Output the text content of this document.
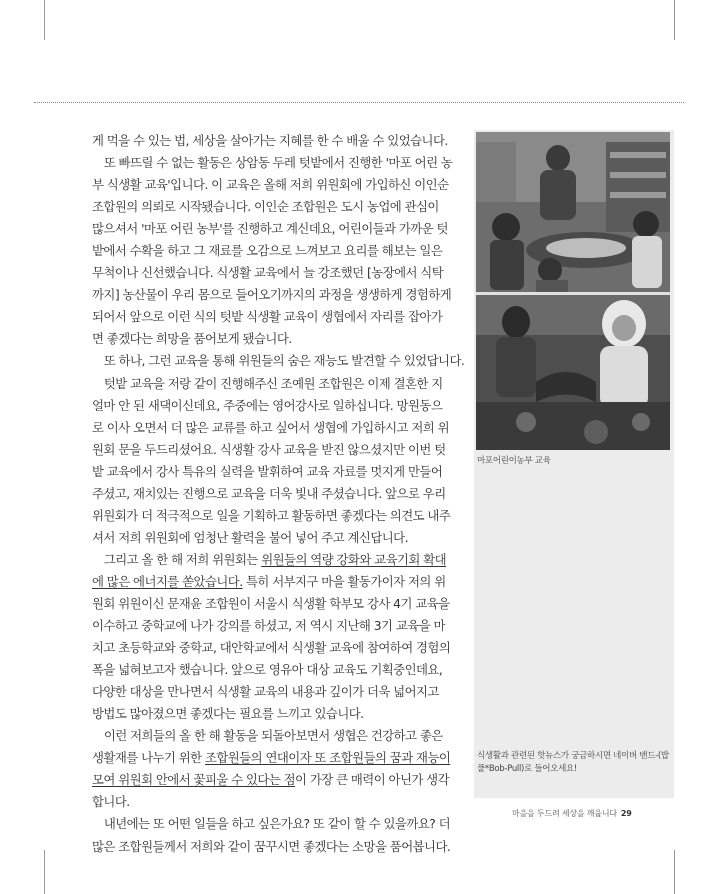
게 먹을 수 있는 법, 세상을 살아가는 지혜를 한 수 배울 수 있었습니다.
　또 빠뜨릴 수 없는 활동은 상암동 두레 텃밭에서 진행한 '마포 어린 농
부 식생활 교육'입니다. 이 교육은 올해 저희 위원회에 가입하신 이인순
조합원의 의뢰로 시작됐습니다. 이인순 조합원은 도시 농업에 관심이
많으셔서 '마포 어린 농부'를 진행하고 계신데요, 어린이들과 가까운 텃
밭에서 수확을 하고 그 재료를 오감으로 느껴보고 요리를 해보는 일은
무척이나 신선했습니다. 식생활 교육에서 늘 강조했던 [농장에서 식탁
까지] 농산물이 우리 몸으로 들어오기까지의 과정을 생생하게 경험하게
되어서 앞으로 이런 식의 텃밭 식생활 교육이 생협에서 자리를 잡아가
면 좋겠다는 희망을 품어보게 됐습니다.
　또 하나, 그런 교육을 통해 위원들의 숨은 재능도 발견할 수 있었답니다.
　텃밭 교육을 저랑 같이 진행해주신 조예원 조합원은 이제 결혼한 지
얼마 안 된 새댁이신데요, 주중에는 영어강사로 일하십니다. 망원동으
로 이사 오면서 더 많은 교류를 하고 싶어서 생협에 가입하시고 저희 위
원회 문을 두드리셨어요. 식생활 강사 교육을 받진 않으셨지만 이번 텃
밭 교육에서 강사 특유의 실력을 발휘하여 교육 자료를 멋지게 만들어
주셨고, 재치있는 진행으로 교육을 더욱 빛내 주셨습니다. 앞으로 우리
위원회가 더 적극적으로 일을 기획하고 활동하면 좋겠다는 의견도 내주
셔서 저희 위원회에 엄청난 활력을 불어 넣어 주고 계신답니다.
　그리고 올 한 해 저희 위원회는 위원들의 역량 강화와 교육기회 확대
에 많은 에너지를 쏟았습니다. 특히 서부지구 마을 활동가이자 저의 위
원회 위원이신 문재윤 조합원이 서울시 식생활 학부모 강사 4기 교육을
이수하고 중학교에 나가 강의를 하셨고, 저 역시 지난해 3기 교육을 마
치고 초등학교와 중학교, 대안학교에서 식생활 교육에 참여하여 경험의
폭을 넓혀보고자 했습니다. 앞으로 영유아 대상 교육도 기획중인데요,
다양한 대상을 만나면서 식생활 교육의 내용과 깊이가 더욱 넓어지고
방법도 많아졌으면 좋겠다는 필요를 느끼고 있습니다.
　이런 저희들의 올 한 해 활동을 되돌아보면서 생협은 건강하고 좋은
생활재를 나누기 위한 조합원들의 연대이자 또 조합원들의 꿈과 재능이
모여 위원회 안에서 꽃피울 수 있다는 점이 가장 큰 매력이 아닌가 생각
합니다.
　내년에는 또 어떤 일들을 하고 싶은가요? 또 같이 할 수 있을까요? 더
많은 조합원들께서 저희와 같이 꿈꾸시면 좋겠다는 소망을 품어봅니다.
마포어린이농부 교육
식생활과 관련된 핫뉴스가 궁금하시면 네이버 밴드-(밥풀*Bob-Pull)로 들어오세요!
마을을 두드려 세상을 깨웁니다 29
